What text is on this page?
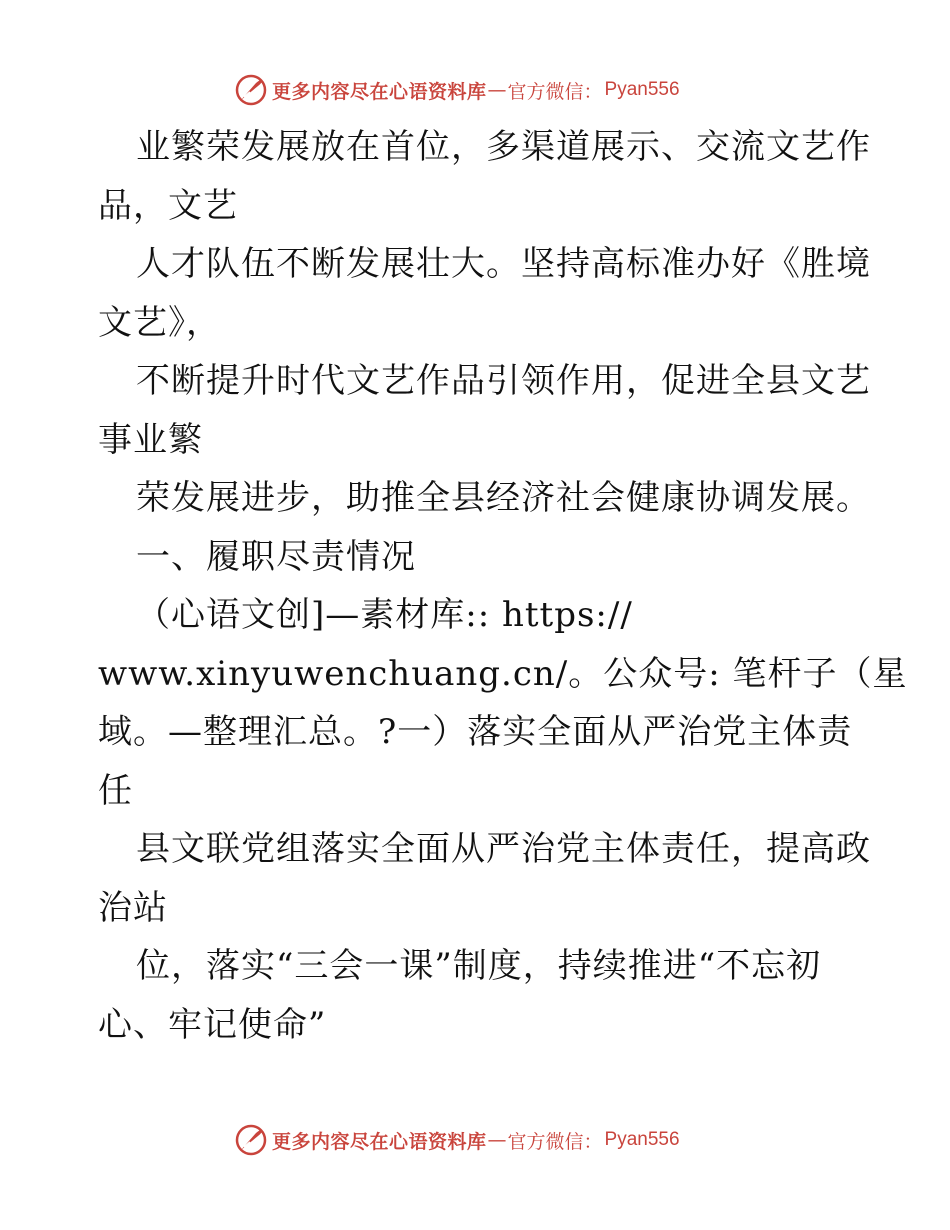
更多内容尽在心语资料库 — 官方微信： Pyan556
业繁荣发展放在首位，多渠道展示、交流文艺作
品，文艺
人才队伍不断发展壮大。坚持高标准办好《胜境
文艺》，
不断提升时代文艺作品引领作用，促进全县文艺
事业繁
荣发展进步，助推全县经济社会健康协调发展。
一、履职尽责情况
（心语文创]—素材库:: https://
www.xinyuwenchuang.cn/。公众号: 笔杆子（星
域。—整理汇总。?一）落实全面从严治党主体责
任
县文联党组落实全面从严治党主体责任，提高政
治站
位，落实“三会一课”制度，持续推进“不忘初
心、牢记使命”
更多内容尽在心语资料库 — 官方微信： Pyan556
